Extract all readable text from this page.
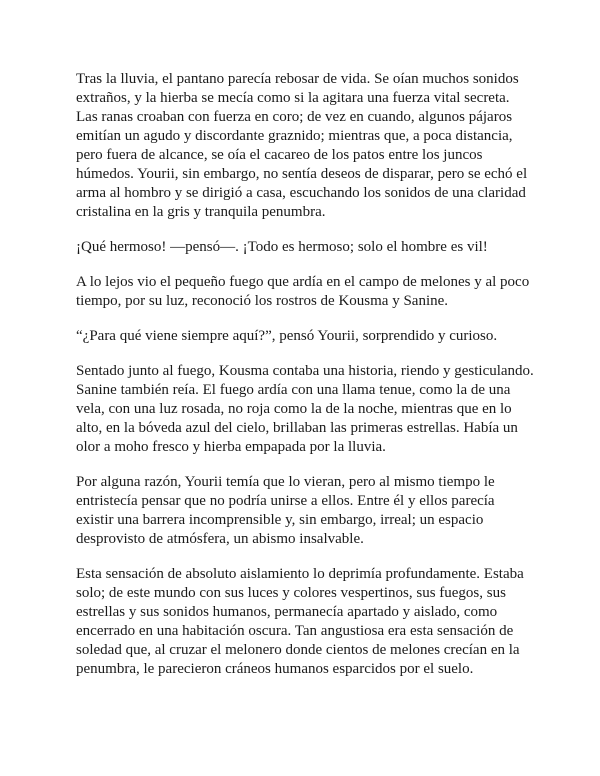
Tras la lluvia, el pantano parecía rebosar de vida. Se oían muchos sonidos extraños, y la hierba se mecía como si la agitara una fuerza vital secreta. Las ranas croaban con fuerza en coro; de vez en cuando, algunos pájaros emitían un agudo y discordante graznido; mientras que, a poca distancia, pero fuera de alcance, se oía el cacareo de los patos entre los juncos húmedos. Yourii, sin embargo, no sentía deseos de disparar, pero se echó el arma al hombro y se dirigió a casa, escuchando los sonidos de una claridad cristalina en la gris y tranquila penumbra.

¡Qué hermoso! —pensó—. ¡Todo es hermoso; solo el hombre es vil!

A lo lejos vio el pequeño fuego que ardía en el campo de melones y al poco tiempo, por su luz, reconoció los rostros de Kousma y Sanine.

“¿Para qué viene siempre aquí?”, pensó Yourii, sorprendido y curioso.

Sentado junto al fuego, Kousma contaba una historia, riendo y gesticulando. Sanine también reía. El fuego ardía con una llama tenue, como la de una vela, con una luz rosada, no roja como la de la noche, mientras que en lo alto, en la bóveda azul del cielo, brillaban las primeras estrellas. Había un olor a moho fresco y hierba empapada por la lluvia.

Por alguna razón, Yourii temía que lo vieran, pero al mismo tiempo le entristecía pensar que no podría unirse a ellos. Entre él y ellos parecía existir una barrera incomprensible y, sin embargo, irreal; un espacio desprovisto de atmósfera, un abismo insalvable.

Esta sensación de absoluto aislamiento lo deprimía profundamente. Estaba solo; de este mundo con sus luces y colores vespertinos, sus fuegos, sus estrellas y sus sonidos humanos, permanecía apartado y aislado, como encerrado en una habitación oscura. Tan angustiosa era esta sensación de soledad que, al cruzar el melonero donde cientos de melones crecían en la penumbra, le parecieron cráneos humanos esparcidos por el suelo.
